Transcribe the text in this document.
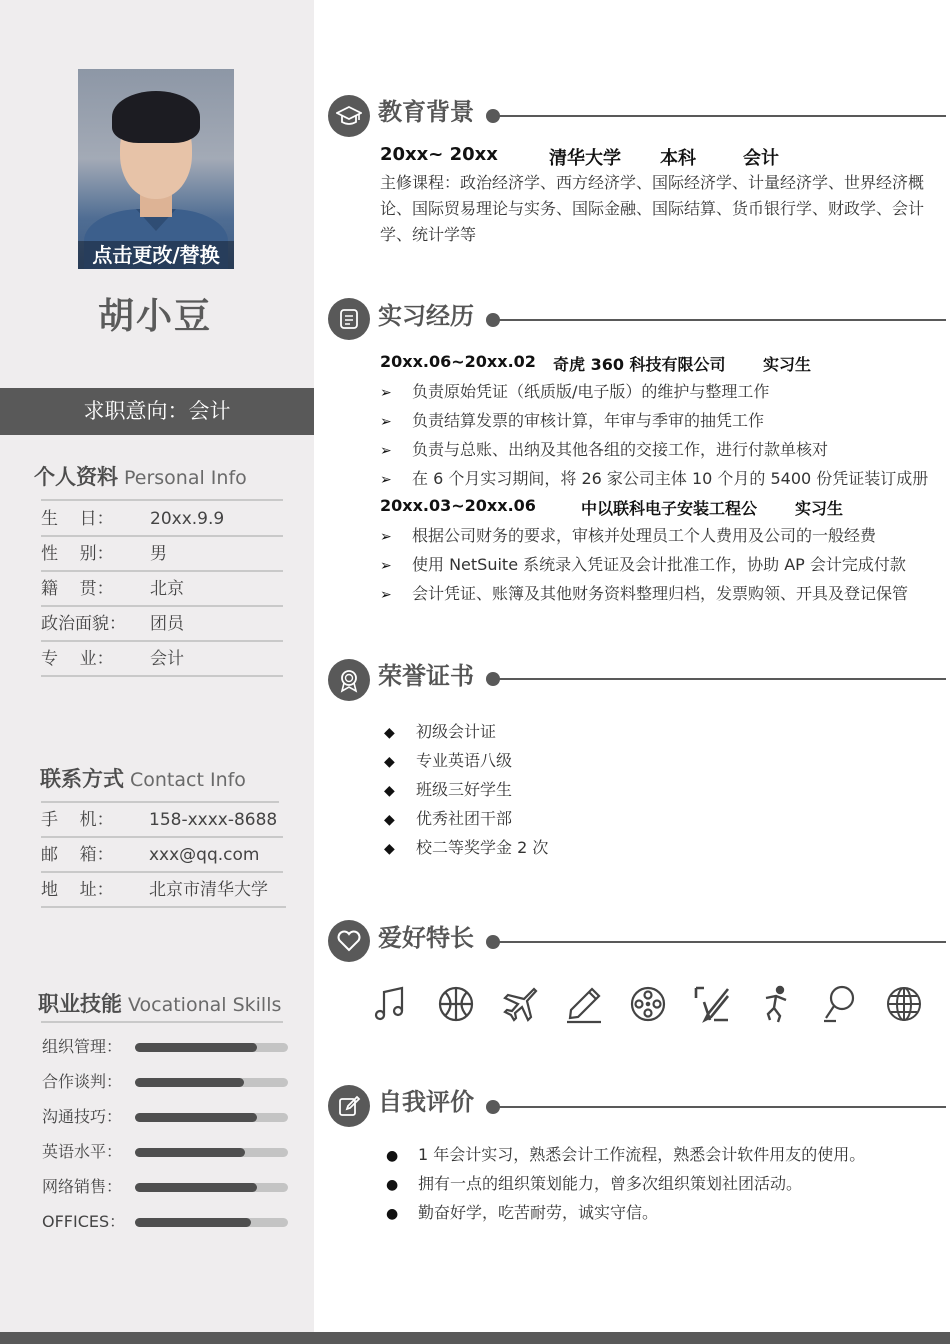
点击更改/替换
胡小豆
求职意向：会计
个人资料 Personal Info
生    日： 20xx.9.9
性    别： 男
籍    贯： 北京
政治面貌： 团员
专    业： 会计
联系方式 Contact Info
手    机： 158-xxxx-8688
邮    箱： xxx@qq.com
地    址： 北京市清华大学
职业技能 Vocational Skills
组织管理：
合作谈判：
沟通技巧：
英语水平：
网络销售：
OFFICES：
教育背景
20xx~ 20xx	清华大学 本科	会计
主修课程：政治经济学、西方经济学、国际经济学、计量经济学、世界经济概论、国际贸易理论与实务、国际金融、国际结算、货币银行学、财政学、会计学、统计学等
实习经历
20xx.06~20xx.02 奇虎 360 科技有限公司 实习生
➢ 负责原始凭证（纸质版/电子版）的维护与整理工作
➢ 负责结算发票的审核计算，年审与季审的抽凭工作
➢ 负责与总账、出纳及其他各组的交接工作，进行付款单核对
➢ 在 6 个月实习期间，将 26 家公司主体 10 个月的 5400 份凭证装订成册
20xx.03~20xx.06	中以联科电子安装工程公 实习生
➢ 根据公司财务的要求，审核并处理员工个人费用及公司的一般经费
➢ 使用 NetSuite 系统录入凭证及会计批准工作，协助 AP 会计完成付款
➢ 会计凭证、账簿及其他财务资料整理归档，发票购领、开具及登记保管
荣誉证书
◆ 初级会计证
◆ 专业英语八级
◆ 班级三好学生
◆ 优秀社团干部
◆ 校二等奖学金 2 次
爱好特长
自我评价
● 1 年会计实习，熟悉会计工作流程，熟悉会计软件用友的使用。
● 拥有一点的组织策划能力，曾多次组织策划社团活动。
● 勤奋好学，吃苦耐劳，诚实守信。
